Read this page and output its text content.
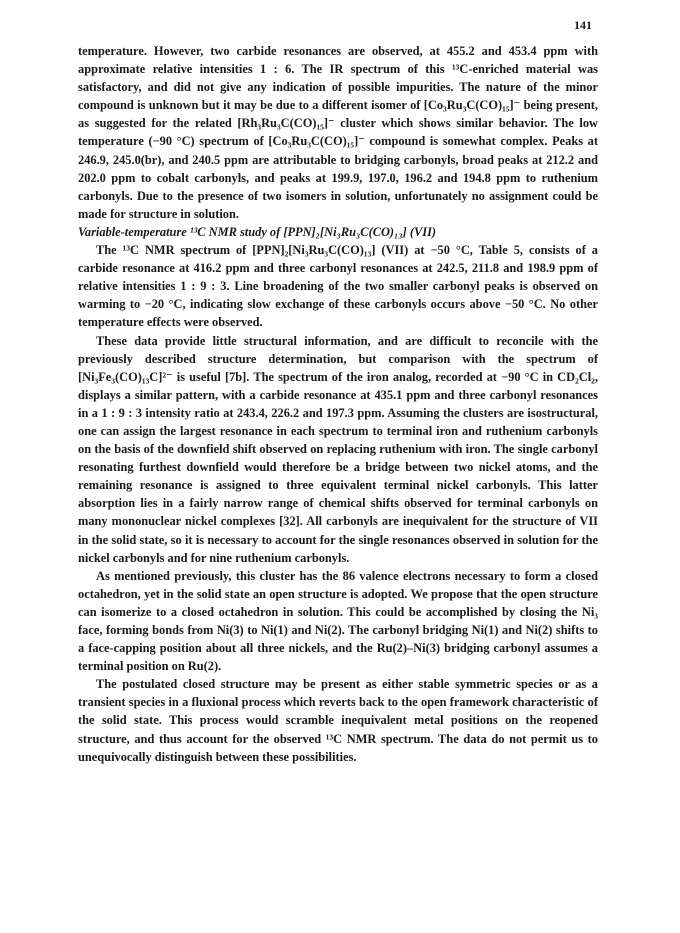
141

temperature. However, two carbide resonances are observed, at 455.2 and 453.4 ppm with approximate relative intensities 1 : 6. The IR spectrum of this ¹³C-enriched material was satisfactory, and did not give any indication of possible impurities. The nature of the minor compound is unknown but it may be due to a different isomer of [Co₃Ru₃C(CO)₁₅]⁻ being present, as suggested for the related [Rh₃Ru₃C(CO)₁₅]⁻ cluster which shows similar behavior. The low temperature (−90 °C) spectrum of [Co₃Ru₃C(CO)₁₅]⁻ compound is somewhat complex. Peaks at 246.9, 245.0(br), and 240.5 ppm are attributable to bridging carbonyls, broad peaks at 212.2 and 202.0 ppm to cobalt carbonyls, and peaks at 199.9, 197.0, 196.2 and 194.8 ppm to ruthenium carbonyls. Due to the presence of two isomers in solution, unfortunately no assignment could be made for structure in solution.

Variable-temperature ¹³C NMR study of [PPN]₂[Ni₃Ru₃C(CO)₁₃] (VII)

The ¹³C NMR spectrum of [PPN]₂[Ni₃Ru₃C(CO)₁₃] (VII) at −50 °C, Table 5, consists of a carbide resonance at 416.2 ppm and three carbonyl resonances at 242.5, 211.8 and 198.9 ppm of relative intensities 1 : 9 : 3. Line broadening of the two smaller carbonyl peaks is observed on warming to −20 °C, indicating slow exchange of these carbonyls occurs above −50 °C. No other temperature effects were observed.

These data provide little structural information, and are difficult to reconcile with the previously described structure determination, but comparison with the spectrum of [Ni₃Fe₃(CO)₁₃C]²⁻ is useful [7b]. The spectrum of the iron analog, recorded at −90 °C in CD₂Cl₂, displays a similar pattern, with a carbide resonance at 435.1 ppm and three carbonyl resonances in a 1 : 9 : 3 intensity ratio at 243.4, 226.2 and 197.3 ppm. Assuming the clusters are isostructural, one can assign the largest resonance in each spectrum to terminal iron and ruthenium carbonyls on the basis of the downfield shift observed on replacing ruthenium with iron. The single carbonyl resonating furthest downfield would therefore be a bridge between two nickel atoms, and the remaining resonance is assigned to three equivalent terminal nickel carbonyls. This latter absorption lies in a fairly narrow range of chemical shifts observed for terminal carbonyls on many mononuclear nickel complexes [32]. All carbonyls are inequivalent for the structure of VII in the solid state, so it is necessary to account for the single resonances observed in solution for the nickel carbonyls and for nine ruthenium carbonyls.

As mentioned previously, this cluster has the 86 valence electrons necessary to form a closed octahedron, yet in the solid state an open structure is adopted. We propose that the open structure can isomerize to a closed octahedron in solution. This could be accomplished by closing the Ni₃ face, forming bonds from Ni(3) to Ni(1) and Ni(2). The carbonyl bridging Ni(1) and Ni(2) shifts to a face-capping position about all three nickels, and the Ru(2)–Ni(3) bridging carbonyl assumes a terminal position on Ru(2).

The postulated closed structure may be present as either stable symmetric species or as a transient species in a fluxional process which reverts back to the open framework characteristic of the solid state. This process would scramble inequivalent metal positions on the reopened structure, and thus account for the observed ¹³C NMR spectrum. The data do not permit us to unequivocally distinguish between these possibilities.
